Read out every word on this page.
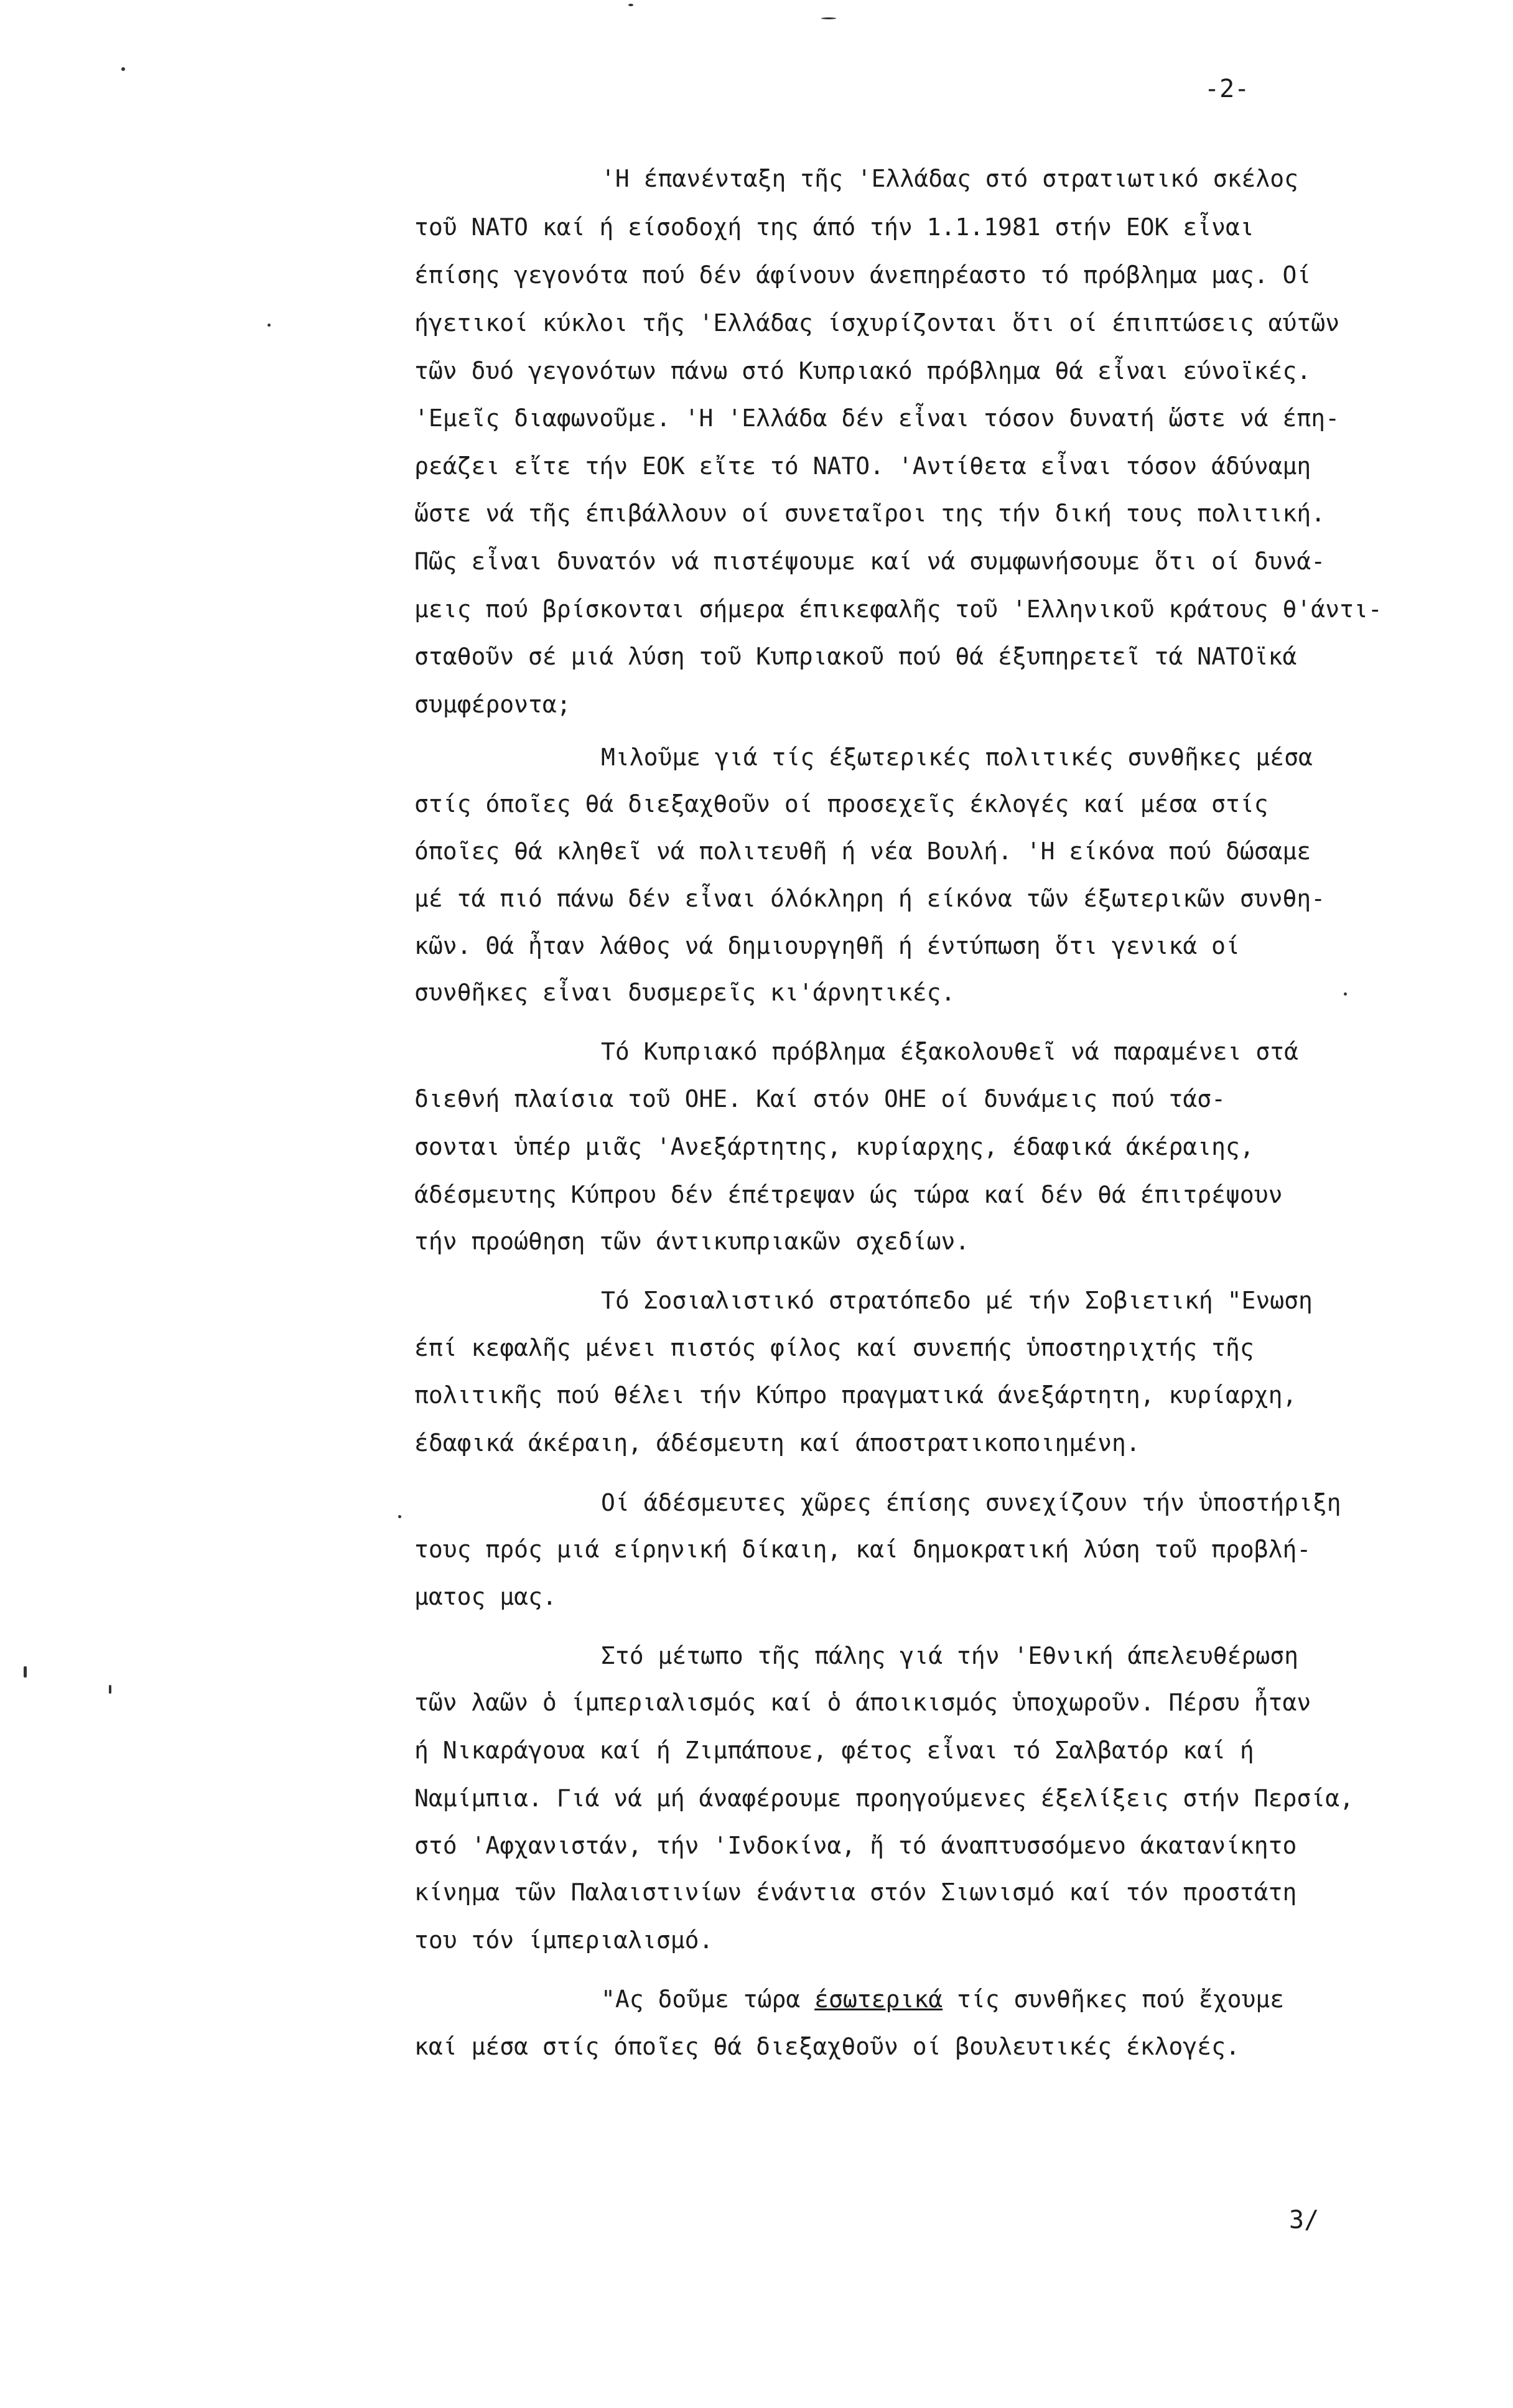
-2-
'Η έπανένταξη τῆς 'Ελλάδας στό στρατιωτικό σκέλος
τοῦ ΝΑΤΟ καί ή είσοδοχή της άπό τήν 1.1.1981 στήν ΕΟΚ εἶναι
έπίσης γεγονότα πού δέν άφίνουν άνεπηρέαστο τό πρόβλημα μας. Οί
ήγετικοί κύκλοι τῆς 'Ελλάδας ίσχυρίζονται ὅτι οί έπιπτώσεις αύτῶν
τῶν δυό γεγονότων πάνω στό Κυπριακό πρόβλημα θά εἶναι εύνοϊκές.
'Εμεῖς διαφωνοῦμε. 'Η 'Ελλάδα δέν εἶναι τόσον δυνατή ὥστε νά έπη-
ρεάζει εἴτε τήν ΕΟΚ εἴτε τό ΝΑΤΟ. 'Αντίθετα εἶναι τόσον άδύναμη
ὥστε νά τῆς έπιβάλλουν οί συνεταῖροι της τήν δική τους πολιτική.
Πῶς εἶναι δυνατόν νά πιστέψουμε καί νά συμφωνήσουμε ὅτι οί δυνά-
μεις πού βρίσκονται σήμερα έπικεφαλῆς τοῦ 'Ελληνικοῦ κράτους θ'άντι-
σταθοῦν σέ μιά λύση τοῦ Κυπριακοῦ πού θά έξυπηρετεῖ τά ΝΑΤΟϊκά
συμφέροντα;
Μιλοῦμε γιά τίς έξωτερικές πολιτικές συνθῆκες μέσα
στίς όποῖες θά διεξαχθοῦν οί προσεχεῖς έκλογές καί μέσα στίς
όποῖες θά κληθεῖ νά πολιτευθῆ ή νέα Βουλή. 'Η είκόνα πού δώσαμε
μέ τά πιό πάνω δέν εἶναι όλόκληρη ή είκόνα τῶν έξωτερικῶν συνθη-
κῶν. Θά ἦταν λάθος νά δημιουργηθῆ ή έντύπωση ὅτι γενικά οί
συνθῆκες εἶναι δυσμερεῖς κι'άρνητικές.
Τό Κυπριακό πρόβλημα έξακολουθεῖ νά παραμένει στά
διεθνή πλαίσια τοῦ ΟΗΕ. Καί στόν ΟΗΕ οί δυνάμεις πού τάσ-
σονται ὑπέρ μιᾶς 'Ανεξάρτητης, κυρίαρχης, έδαφικά άκέραιης,
άδέσμευτης Κύπρου δέν έπέτρεψαν ώς τώρα καί δέν θά έπιτρέψουν
τήν προώθηση τῶν άντικυπριακῶν σχεδίων.
Τό Σοσιαλιστικό στρατόπεδο μέ τήν Σοβιετική "Ενωση
έπί κεφαλῆς μένει πιστός φίλος καί συνεπής ὑποστηριχτής τῆς
πολιτικῆς πού θέλει τήν Κύπρο πραγματικά άνεξάρτητη, κυρίαρχη,
έδαφικά άκέραιη, άδέσμευτη καί άποστρατικοποιημένη.
Οί άδέσμευτες χῶρες έπίσης συνεχίζουν τήν ὑποστήριξη
τους πρός μιά είρηνική δίκαιη, καί δημοκρατική λύση τοῦ προβλή-
ματος μας.
Στό μέτωπο τῆς πάλης γιά τήν 'Εθνική άπελευθέρωση
τῶν λαῶν ὁ ίμπεριαλισμός καί ὁ άποικισμός ὑποχωροῦν. Πέρσυ ἦταν
ή Νικαράγουα καί ή Ζιμπάπουε, φέτος εἶναι τό Σαλβατόρ καί ή
Ναμίμπια. Γιά νά μή άναφέρουμε προηγούμενες έξελίξεις στήν Περσία,
στό 'Αφχανιστάν, τήν 'Ινδοκίνα, ἤ τό άναπτυσσόμενο άκατανίκητο
κίνημα τῶν Παλαιστινίων ένάντια στόν Σιωνισμό καί τόν προστάτη
του τόν ίμπεριαλισμό.
"Ας δοῦμε τώρα έσωτερικά τίς συνθῆκες πού ἔχουμε
καί μέσα στίς όποῖες θά διεξαχθοῦν οί βουλευτικές έκλογές.
3/
